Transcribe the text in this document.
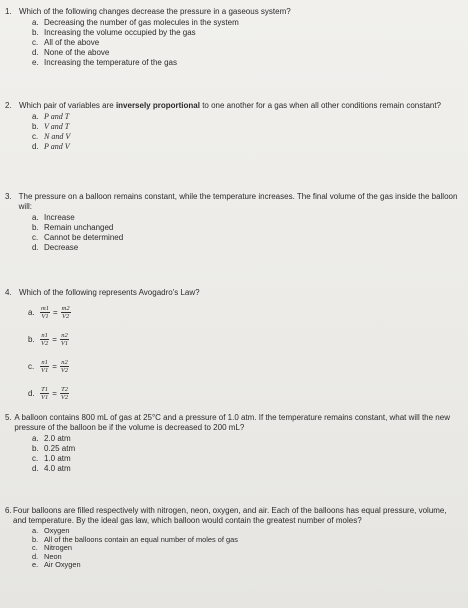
1. Which of the following changes decrease the pressure in a gaseous system?
a. Decreasing the number of gas molecules in the system
b. Increasing the volume occupied by the gas
c. All of the above
d. None of the above
e. Increasing the temperature of the gas
2. Which pair of variables are inversely proportional to one another for a gas when all other conditions remain constant?
a. P and T
b. V and T
c. N and V
d. P and V
3. The pressure on a balloon remains constant, while the temperature increases. The final volume of the gas inside the balloon will:
a. Increase
b. Remain unchanged
c. Cannot be determined
d. Decrease
4. Which of the following represents Avogadro's Law?
a. $\frac{m1}{V1} = \frac{m2}{V2}$
b. $\frac{n1}{V2} = \frac{n2}{V1}$
c. $\frac{n1}{V1} = \frac{n2}{V2}$
d. $\frac{T1}{V1} = \frac{T2}{V2}$
5. A balloon contains 800 mL of gas at 25°C and a pressure of 1.0 atm. If the temperature remains constant, what will the new pressure of the balloon be if the volume is decreased to 200 mL?
a. 2.0 atm
b. 0.25 atm
c. 1.0 atm
d. 4.0 atm
6. Four balloons are filled respectively with nitrogen, neon, oxygen, and air. Each of the balloons has equal pressure, volume, and temperature. By the ideal gas law, which balloon would contain the greatest number of moles?
a. Oxygen
b. All of the balloons contain an equal number of moles of gas
c. Nitrogen
d. Neon
e. Air Oxygen
